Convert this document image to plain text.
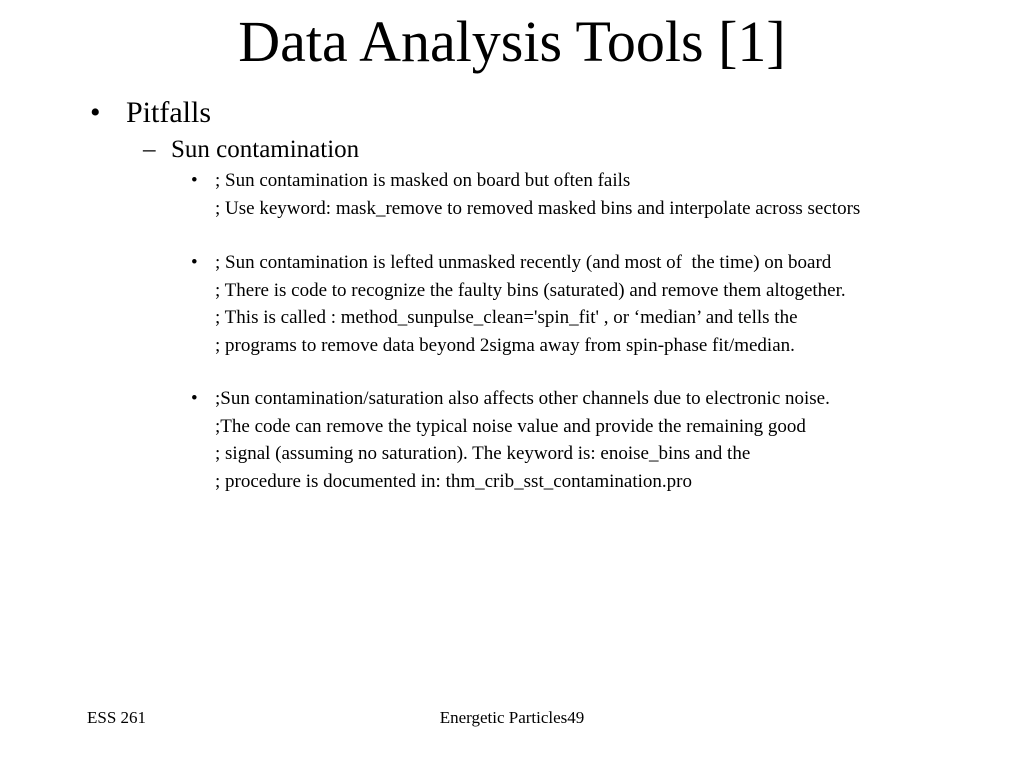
Data Analysis Tools [1]
• Pitfalls
– Sun contamination
• ; Sun contamination is masked on board but often fails
; Use keyword: mask_remove to removed masked bins and interpolate across sectors
• ; Sun contamination is lefted unmasked recently (and most of  the time) on board
; There is code to recognize the faulty bins (saturated) and remove them altogether.
; This is called : method_sunpulse_clean='spin_fit' , or ‘median’ and tells the
; programs to remove data beyond 2sigma away from spin-phase fit/median.
• ;Sun contamination/saturation also affects other channels due to electronic noise.
;The code can remove the typical noise value and provide the remaining good
; signal (assuming no saturation). The keyword is: enoise_bins and the
; procedure is documented in: thm_crib_sst_contamination.pro
ESS 261	Energetic Particles49
